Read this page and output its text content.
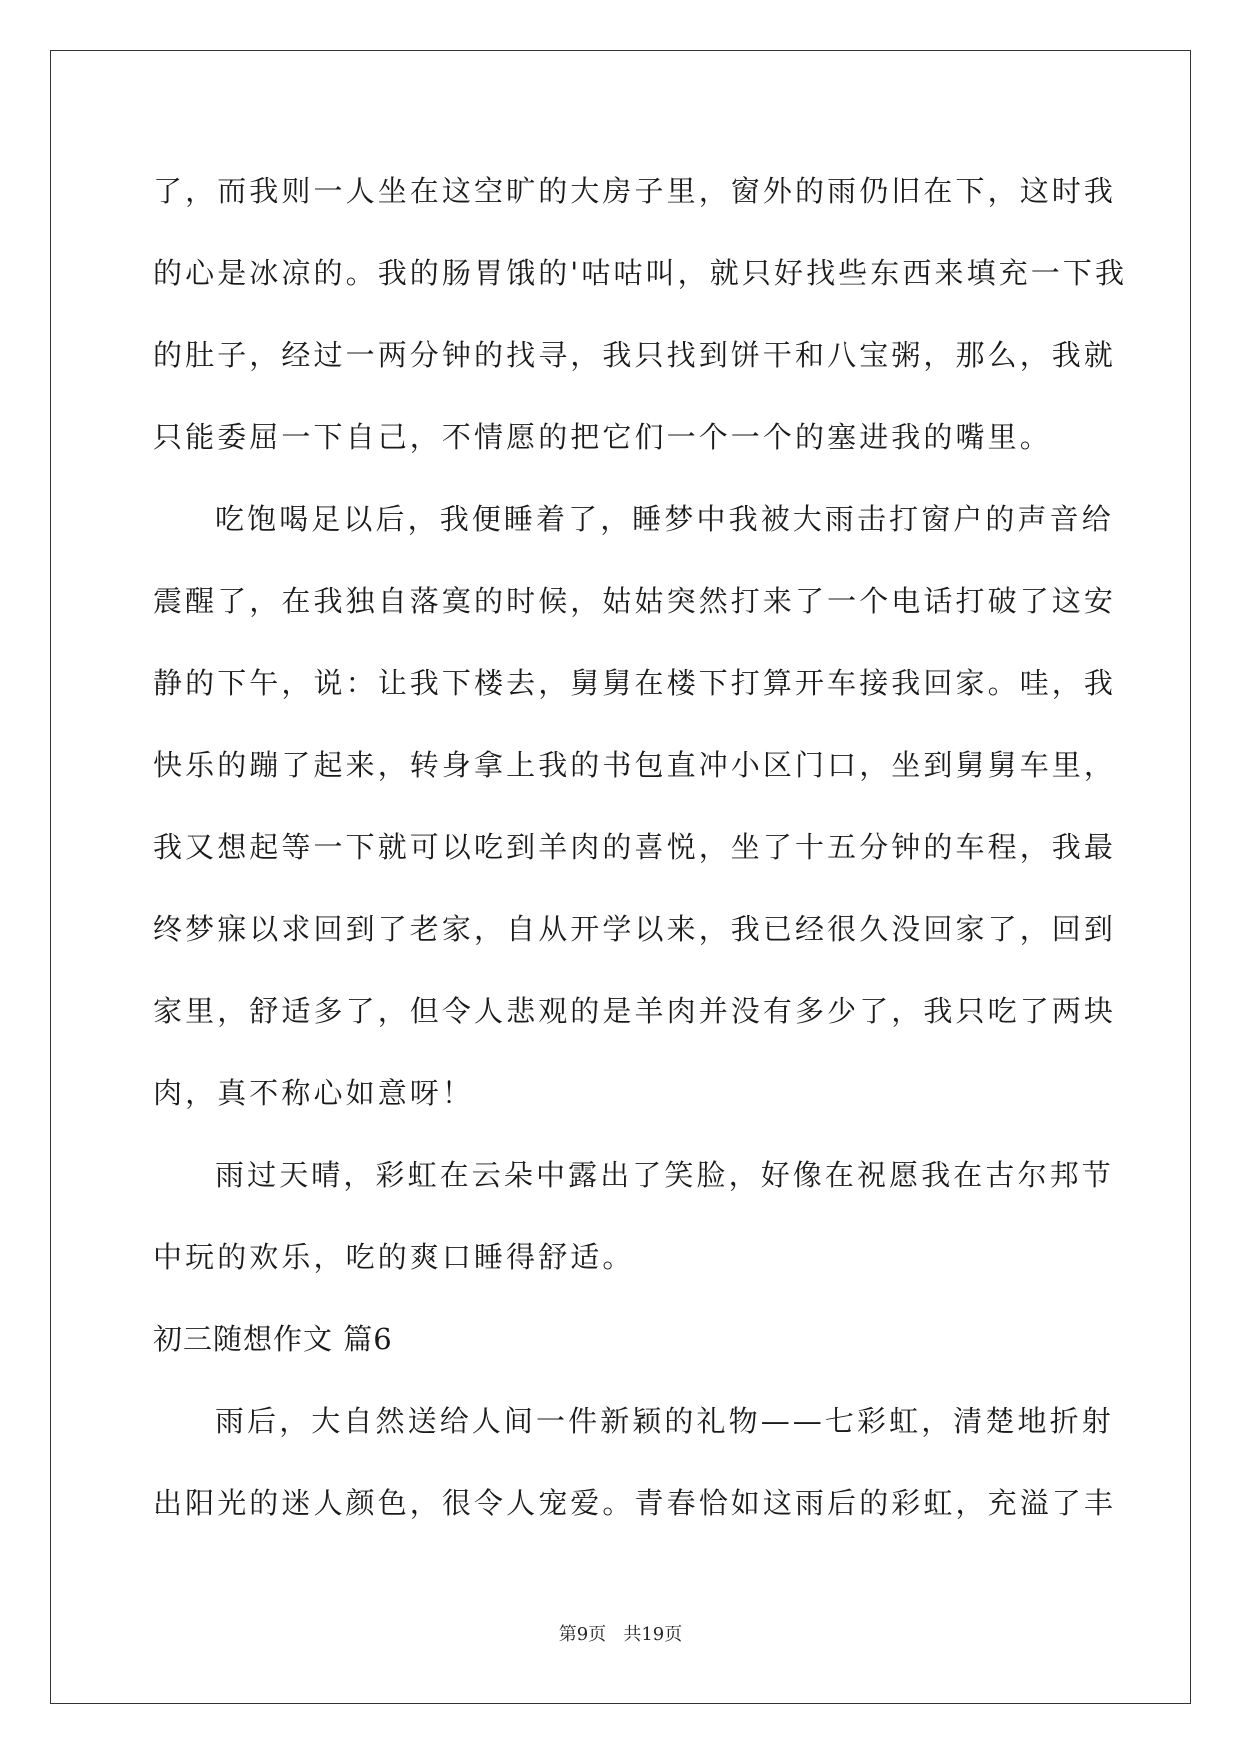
了，而我则一人坐在这空旷的大房子里，窗外的雨仍旧在下，这时我
的心是冰凉的。我的肠胃饿的'咕咕叫，就只好找些东西来填充一下我
的肚子，经过一两分钟的找寻，我只找到饼干和八宝粥，那么，我就
只能委屈一下自己，不情愿的把它们一个一个的塞进我的嘴里。
吃饱喝足以后，我便睡着了，睡梦中我被大雨击打窗户的声音给
震醒了，在我独自落寞的时候，姑姑突然打来了一个电话打破了这安
静的下午，说：让我下楼去，舅舅在楼下打算开车接我回家。哇，我
快乐的蹦了起来，转身拿上我的书包直冲小区门口，坐到舅舅车里，
我又想起等一下就可以吃到羊肉的喜悦，坐了十五分钟的车程，我最
终梦寐以求回到了老家，自从开学以来，我已经很久没回家了，回到
家里，舒适多了，但令人悲观的是羊肉并没有多少了，我只吃了两块
肉，真不称心如意呀！
雨过天晴，彩虹在云朵中露出了笑脸，好像在祝愿我在古尔邦节
中玩的欢乐，吃的爽口睡得舒适。
初三随想作文 篇6
雨后，大自然送给人间一件新颖的礼物——七彩虹，清楚地折射
出阳光的迷人颜色，很令人宠爱。青春恰如这雨后的彩虹，充溢了丰
第9页   共19页
